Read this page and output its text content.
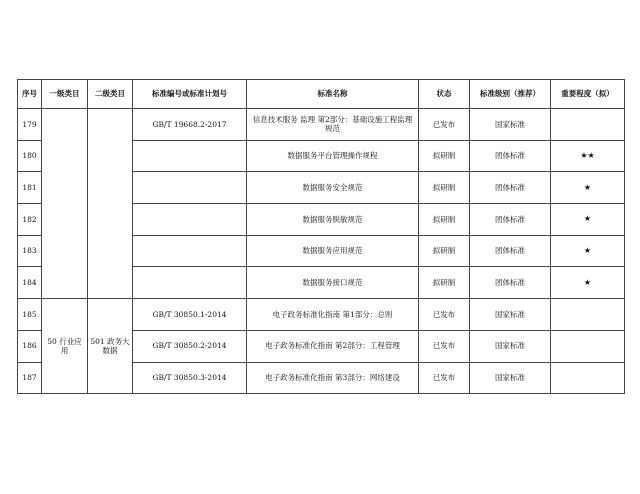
序号	一级类目	二级类目	标准编号或标准计划号	标准名称	状态	标准级别（推荐）	重要程度（拟）
179			GB/T 19668.2-2017	信息技术服务 监理 第2部分：基础设施工程监理规范	已发布	国家标准	
180				数据服务平台管理操作规程	拟研制	团体标准	★★
181				数据服务安全规范	拟研制	团体标准	★
182				数据服务脱敏规范	拟研制	团体标准	★
183				数据服务应用规范	拟研制	团体标准	★
184				数据服务接口规范	拟研制	团体标准	★
185	50 行业应用	501 政务大数据	GB/T 30850.1-2014	电子政务标准化指南 第1部分：总则	已发布	国家标准	
186			GB/T 30850.2-2014	电子政务标准化指南 第2部分：工程管理	已发布	国家标准	
187			GB/T 30850.3-2014	电子政务标准化指南 第3部分：网络建设	已发布	国家标准	
